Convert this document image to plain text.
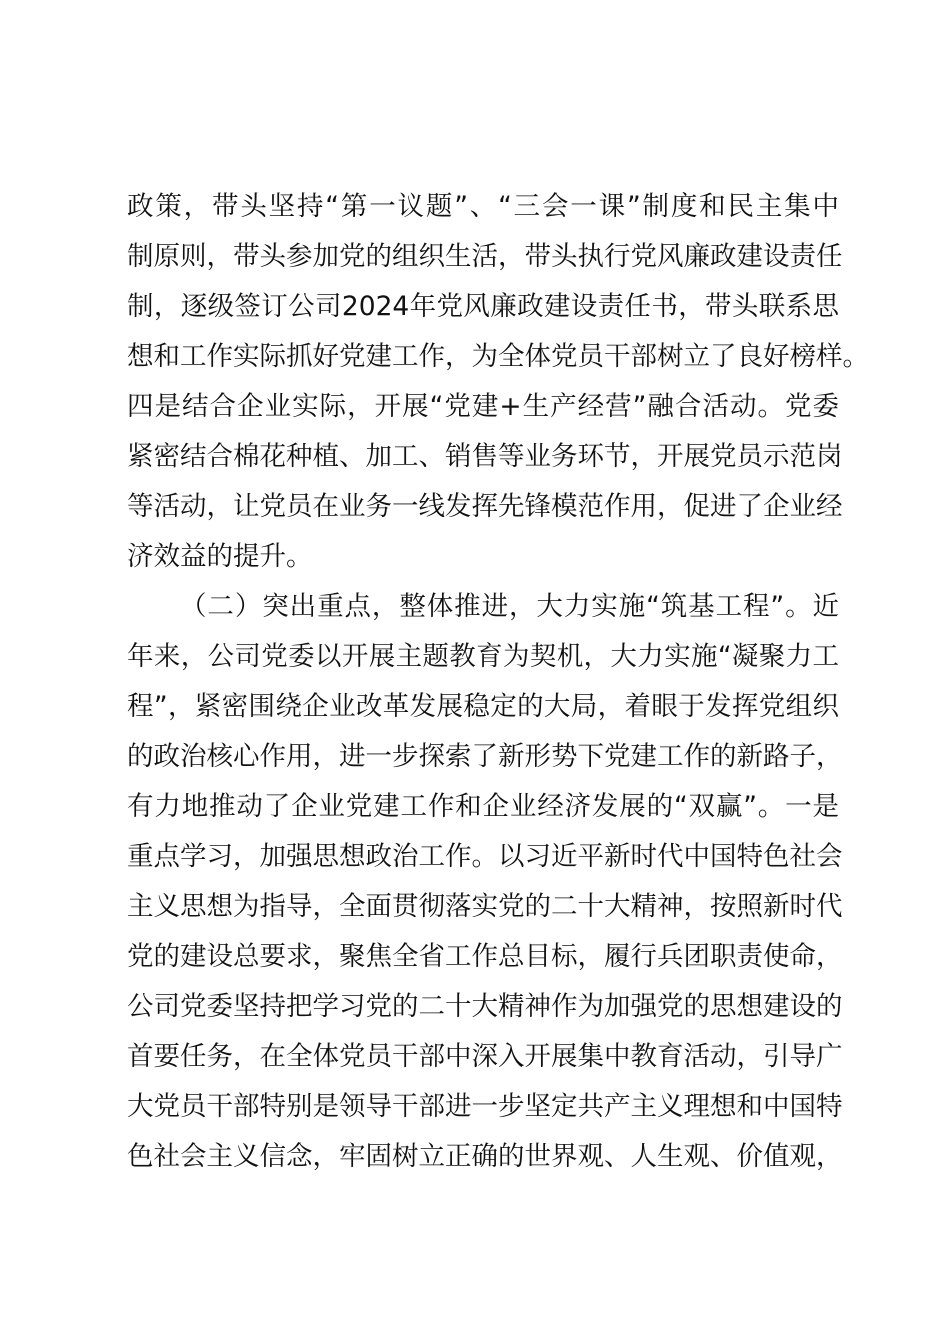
政策，带头坚持“第一议题”、“三会一课”制度和民主集中
制原则，带头参加党的组织生活，带头执行党风廉政建设责任
制，逐级签订公司2024年党风廉政建设责任书，带头联系思
想和工作实际抓好党建工作，为全体党员干部树立了良好榜样。
四是结合企业实际，开展“党建+生产经营”融合活动。党委
紧密结合棉花种植、加工、销售等业务环节，开展党员示范岗
等活动，让党员在业务一线发挥先锋模范作用，促进了企业经
济效益的提升。
（二）突出重点，整体推进，大力实施“筑基工程”。近
年来，公司党委以开展主题教育为契机，大力实施“凝聚力工
程”，紧密围绕企业改革发展稳定的大局，着眼于发挥党组织
的政治核心作用，进一步探索了新形势下党建工作的新路子，
有力地推动了企业党建工作和企业经济发展的“双赢”。一是
重点学习，加强思想政治工作。以习近平新时代中国特色社会
主义思想为指导，全面贯彻落实党的二十大精神，按照新时代
党的建设总要求，聚焦全省工作总目标，履行兵团职责使命，
公司党委坚持把学习党的二十大精神作为加强党的思想建设的
首要任务，在全体党员干部中深入开展集中教育活动，引导广
大党员干部特别是领导干部进一步坚定共产主义理想和中国特
色社会主义信念，牢固树立正确的世界观、人生观、价值观，
